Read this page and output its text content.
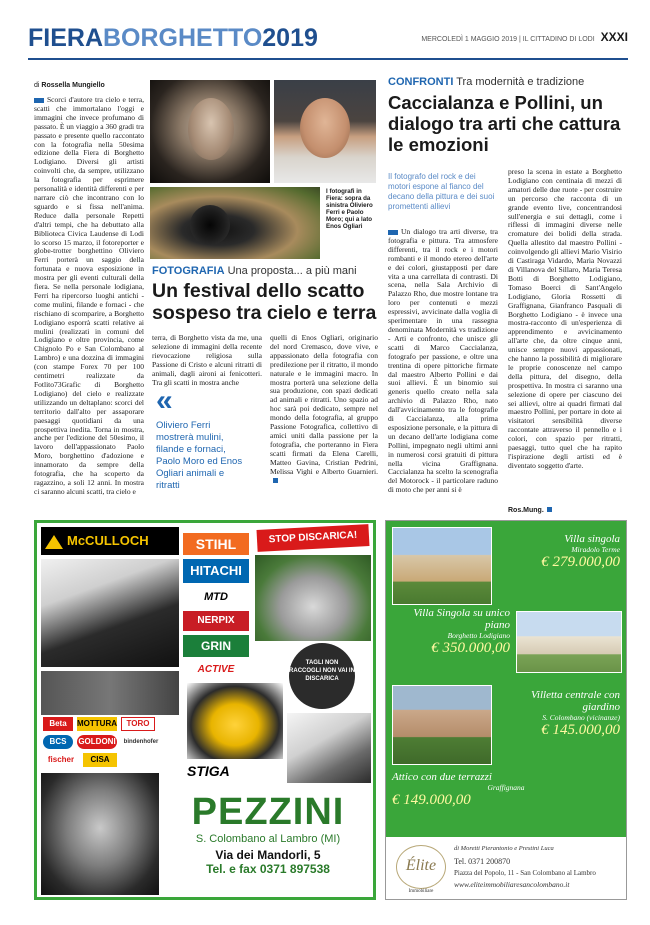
FIERABORGHETTO2019	MERCOLEDÌ 1 MAGGIO 2019 | IL CITTADINO DI LODI XXXI
di Rossella Mungiello
Scorci d'autore tra cielo e terra, scatti che immortalano l'oggi e immagini che invece profumano di passato. È un viaggio a 360 gradi tra passato e presente quello raccontato con la fotografia nella 50esima edizione della Fiera di Borghetto Lodigiano. Diversi gli artisti coinvolti che, da sempre, utilizzano la fotografia per esprimere personalità e identità differenti e per narrare ciò che incontrano con lo sguardo e si fissa nell'anima. Reduce dalla personale Repetti d'altri tempi, che ha debuttato alla Biblioteca Civica Laudense di Lodi lo scorso 15 marzo, il fotoreporter e globe-trotter borghettino Oliviero Ferri porterà un saggio della fortunata e nuova esposizione in mostra per gli eventi culturali della fiera. Se nella personale lodigiana, Ferri ha ripercorso luoghi antichi - come mulini, filande e fornaci - che rischiano di scomparire, a Borghetto Lodigiano esporrà scatti relative ai mulini (realizzati in comuni del Lodigiano e oltre provincia, come Chignolo Po e San Colombano al Lambro) e una dozzina di immagini (con stampe Forex 70 per 100 centimetri realizzate da Fotlito73Grafic di Borghetto Lodigiano) del cielo e realizzate utilizzando un deltaplano: scorci del territorio dall'alto per assaporare paesaggi quotidiani da una prospettiva inedita. Torna in mostra, anche per l'edizione del 50esimo, il lavoro dell'appassionato Paolo Moro, borghettino d'adozione e innamorato da sempre della fotografia, che ha scoperto da ragazzino, a soli 12 anni. In mostra ci saranno alcuni scatti, tra cielo e
I fotografi in Fiera: sopra da sinistra Oliviero Ferri e Paolo Moro; qui a lato Enos Ogliari
FOTOGRAFIA Una proposta... a più mani
Un festival dello scatto sospeso tra cielo e terra
terra, di Borghetto vista da me, una selezione di immagini della recente rievocazione religiosa sulla Passione di Cristo e alcuni ritratti di animali, dagli aironi ai fenicotteri. Tra gli scatti in mostra anche
«
Oliviero Ferri mostrerà mulini, filande e fornaci, Paolo Moro ed Enos Ogliari animali e ritratti
quelli di Enos Ogliari, originario del nord Cremasco, dove vive, e appassionato della fotografia con predilezione per il ritratto, il mondo naturale e le immagini macro. In mostra porterà una selezione della sua produzione, con spazi dedicati ad animali e ritratti. Uno spazio ad hoc sarà poi dedicato, sempre nel mondo della fotografia, al gruppo Passione Fotografica, collettivo di amici uniti dalla passione per la fotografia, che porteranno in Fiera scatti firmati da Elena Carelli, Matteo Gavina, Cristian Pedrini, Melissa Vighi e Alberto Guarnieri.
CONFRONTI Tra modernità e tradizione
Caccialanza e Pollini, un dialogo tra arti che cattura le emozioni
Il fotografo del rock e dei motori espone al fianco del decano della pittura e dei suoi promettenti allievi
Un dialogo tra arti diverse, tra fotografia e pittura. Tra atmosfere differenti, tra il rock e i motori rombanti e il mondo etereo dell'arte e dei colori, giustapposti per dare vita a una carrellata di contrasti. Di scena, nella Sala Archivio di Palazzo Rho, due mostre lontane tra loro per contenuti e mezzi espressivi, avvicinate dalla voglia di sperimentare in una rassegna denominata Modernità vs tradizione - Arti e confronto, che unisce gli scatti di Marco Caccialanza, fotografo per passione, e oltre una trentina di opere pittoriche firmate dal maestro Alberto Pollini e dai suoi allievi. È un binomio sui generis quello creato nella sala archivio di Palazzo Rho, nato dall'avvicinamento tra le fotografie di Caccialanza, alla prima esposizione personale, e la pittura di un decano dell'arte lodigiana come Pollini, impegnato negli ultimi anni in numerosi corsi gratuiti di pittura nella vicina Graffignana. Caccialanza ha scelto la scenografia del Motorock - il particolare raduno di moto che per anni si è
preso la scena in estate a Borghetto Lodigiano con centinaia di mezzi di amatori delle due ruote - per costruire un percorso che racconta di un grande evento live, concentrandosi sull'energia e sui dettagli, come i riflessi di immagini diverse nelle cromature dei bolidi della strada. Quella allestito dal maestro Pollini - coinvolgendo gli allievi Mario Visirio di Castiraga Vidardo, Maria Novazzi di Villanova del Sillaro, Maria Teresa Botti di Borghetto Lodigiano, Tomaso Boerci di Sant'Angelo Lodigiano, Gloria Rossetti di Graffignana, Gianfranco Pasquali di Borghetto Lodigiano - è invece una mostra-racconto di un'esperienza di apprendimento e avvicinamento all'arte che, da oltre cinque anni, unisce sempre nuovi appassionati, che hanno la possibilità di migliorare le proprie conoscenze nel campo della pittura, del disegno, della prospettiva. In mostra ci saranno una selezione di opere per ciascuno dei sei allievi, oltre ai quadri firmati dal maestro Pollini, per portare in dote ai visitatori sensibilità diverse raccontate attraverso il pennello e i colori, con spazio per ritratti, paesaggi, tutto quel che ha rapito l'ispirazione degli artisti ed è diventato soggetto d'arte.
Ros.Mung.
McCULLOCH	STIHL
HITACHI
MTD
NERPIX
GRIN
ACTIVE
STOP DISCARICA!
TAGLI NON RACCOGLI NON VAI IN DISCARICA
Beta	MOTTURA	TORO
BCS	GOLDONI	bindenhofer
fischer	CISA
STIGA
PEZZINI
S. Colombano al Lambro (MI)
Via dei Mandorli, 5
Tel. e fax 0371 897538
Villa singola
Miradolo Terme
€ 279.000,00
Villa Singola su unico piano
Borghetto Lodigiano
€ 350.000,00
Villetta centrale con giardino
S. Colombano (vicinanze)
€ 145.000,00
Attico con due terrazzi
Graffignana
€ 149.000,00
Élite
Immobiliare
di Moretti Pierantonio e Prestini Luca
Tel. 0371 200870
Piazza del Popolo, 11 - San Colombano al Lambro
www.eliteimmobiliaresancolombano.it
